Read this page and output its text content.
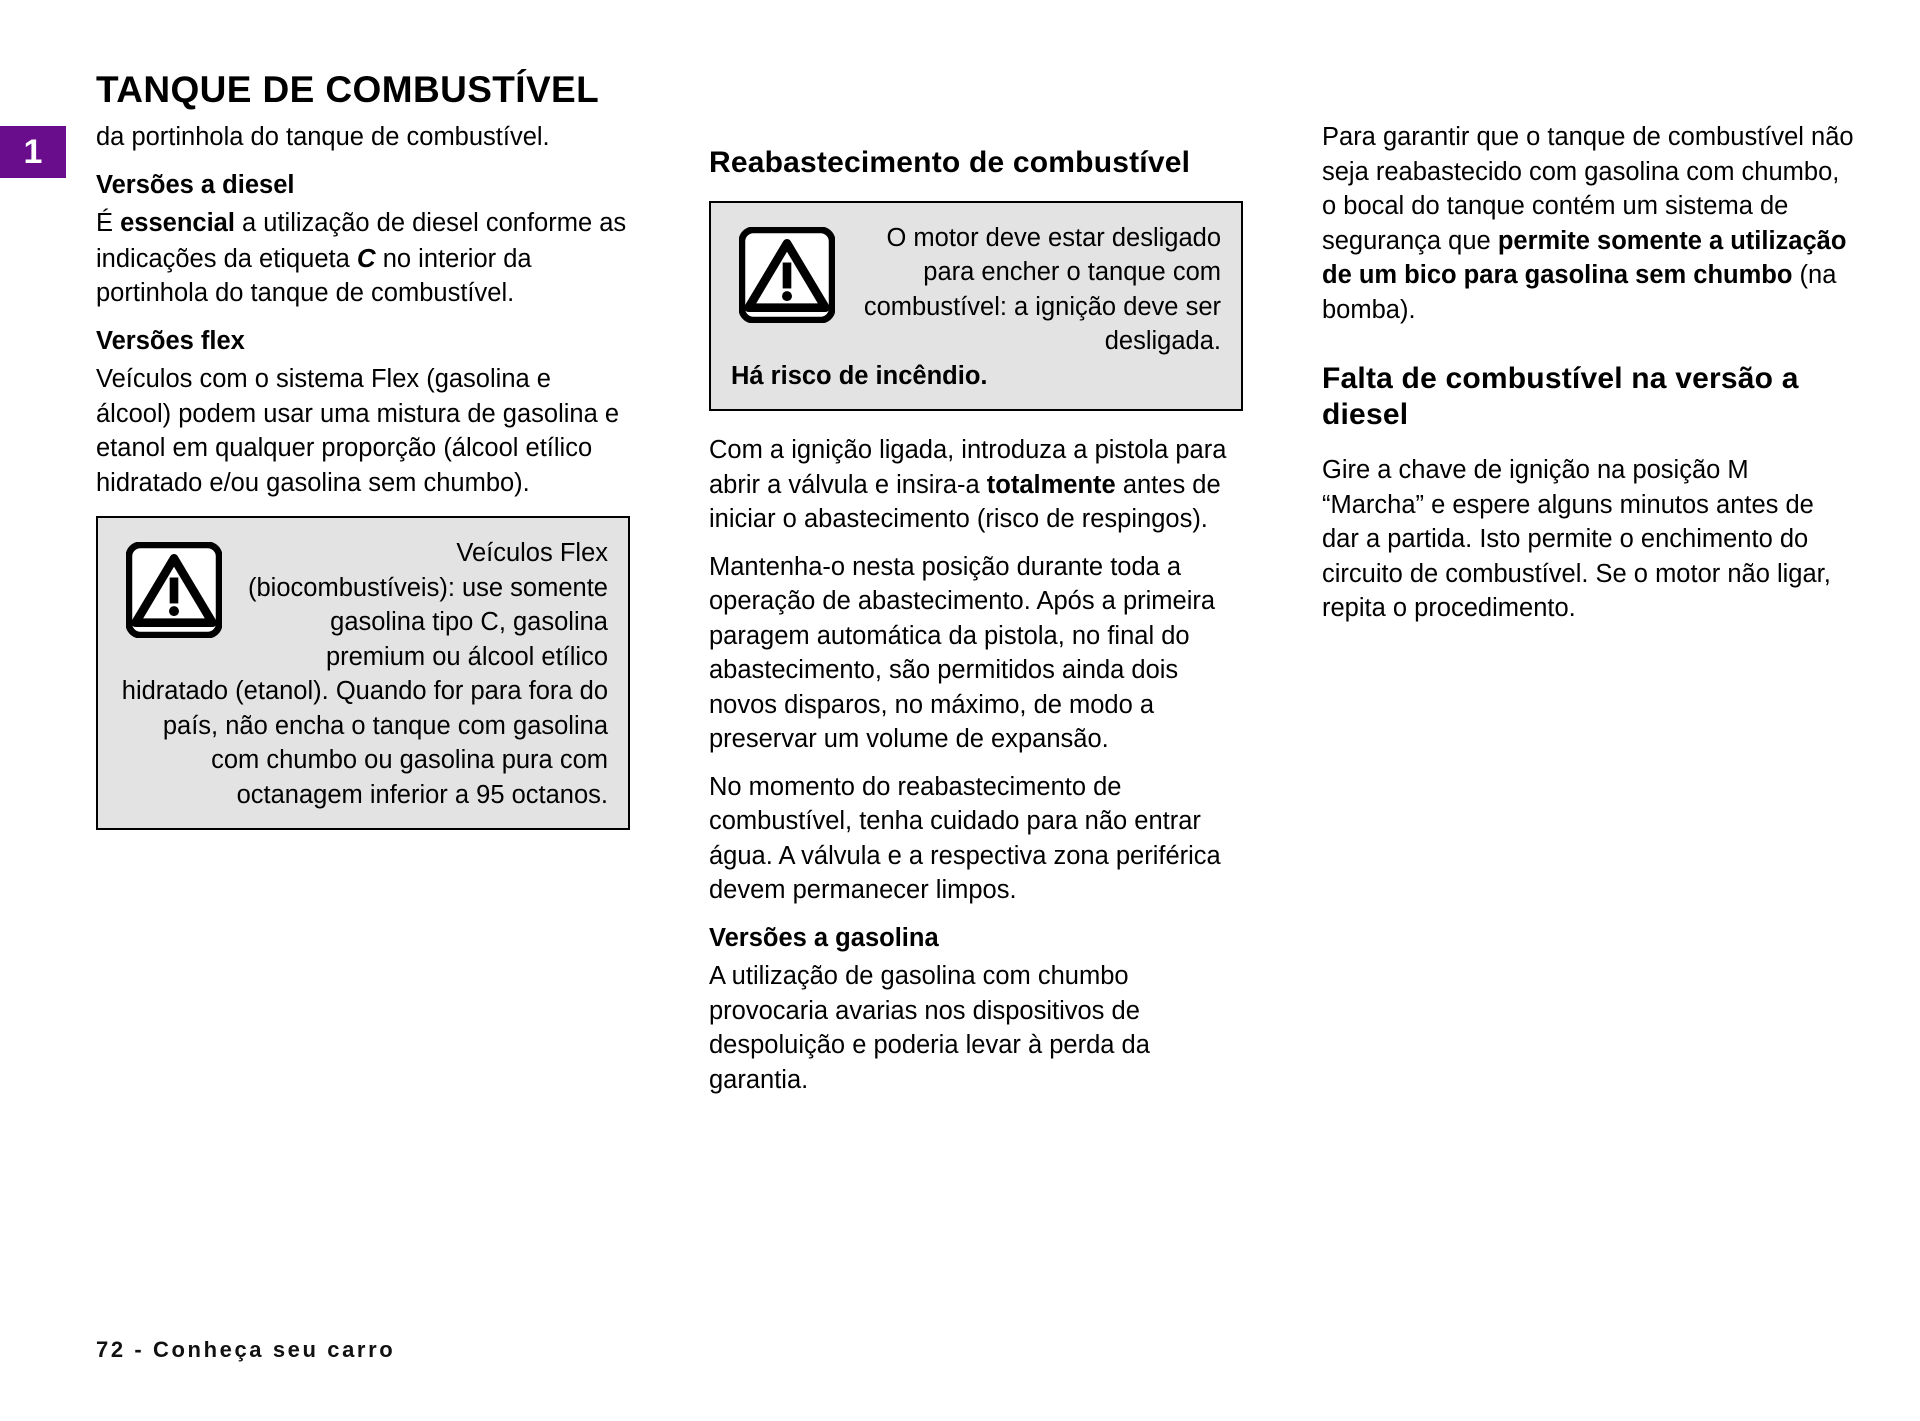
1
TANQUE DE COMBUSTÍVEL

da portinhola do tanque de combustível.

Versões a diesel

É essencial a utilização de diesel conforme as indicações da etiqueta C no interior da portinhola do tanque de combustível.

Versões flex

Veículos com o sistema Flex (gasolina e álcool) podem usar uma mistura de gasolina e etanol em qualquer proporção (álcool etílico hidratado e/ou gasolina sem chumbo).

Veículos Flex (biocombustíveis): use somente gasolina tipo C, gasolina premium ou álcool etílico hidratado (etanol). Quando for para fora do país, não encha o tanque com gasolina com chumbo ou gasolina pura com octanagem inferior a 95 octanos.
Reabastecimento de combustível
O motor deve estar desligado para encher o tanque com combustível: a ignição deve ser desligada.
Há risco de incêndio.

Com a ignição ligada, introduza a pistola para abrir a válvula e insira-a totalmente antes de iniciar o abastecimento (risco de respingos).

Mantenha-o nesta posição durante toda a operação de abastecimento. Após a primeira paragem automática da pistola, no final do abastecimento, são permitidos ainda dois novos disparos, no máximo, de modo a preservar um volume de expansão.

No momento do reabastecimento de combustível, tenha cuidado para não entrar água. A válvula e a respectiva zona periférica devem permanecer limpos.

Versões a gasolina

A utilização de gasolina com chumbo provocaria avarias nos dispositivos de despoluição e poderia levar à perda da garantia.

Para garantir que o tanque de combustível não seja reabastecido com gasolina com chumbo, o bocal do tanque contém um sistema de segurança que permite somente a utilização de um bico para gasolina sem chumbo (na bomba).

Falta de combustível na versão a diesel

Gire a chave de ignição na posição M “Marcha” e espere alguns minutos antes de dar a partida. Isto permite o enchimento do circuito de combustível. Se o motor não ligar, repita o procedimento.

72 - Conheça seu carro
